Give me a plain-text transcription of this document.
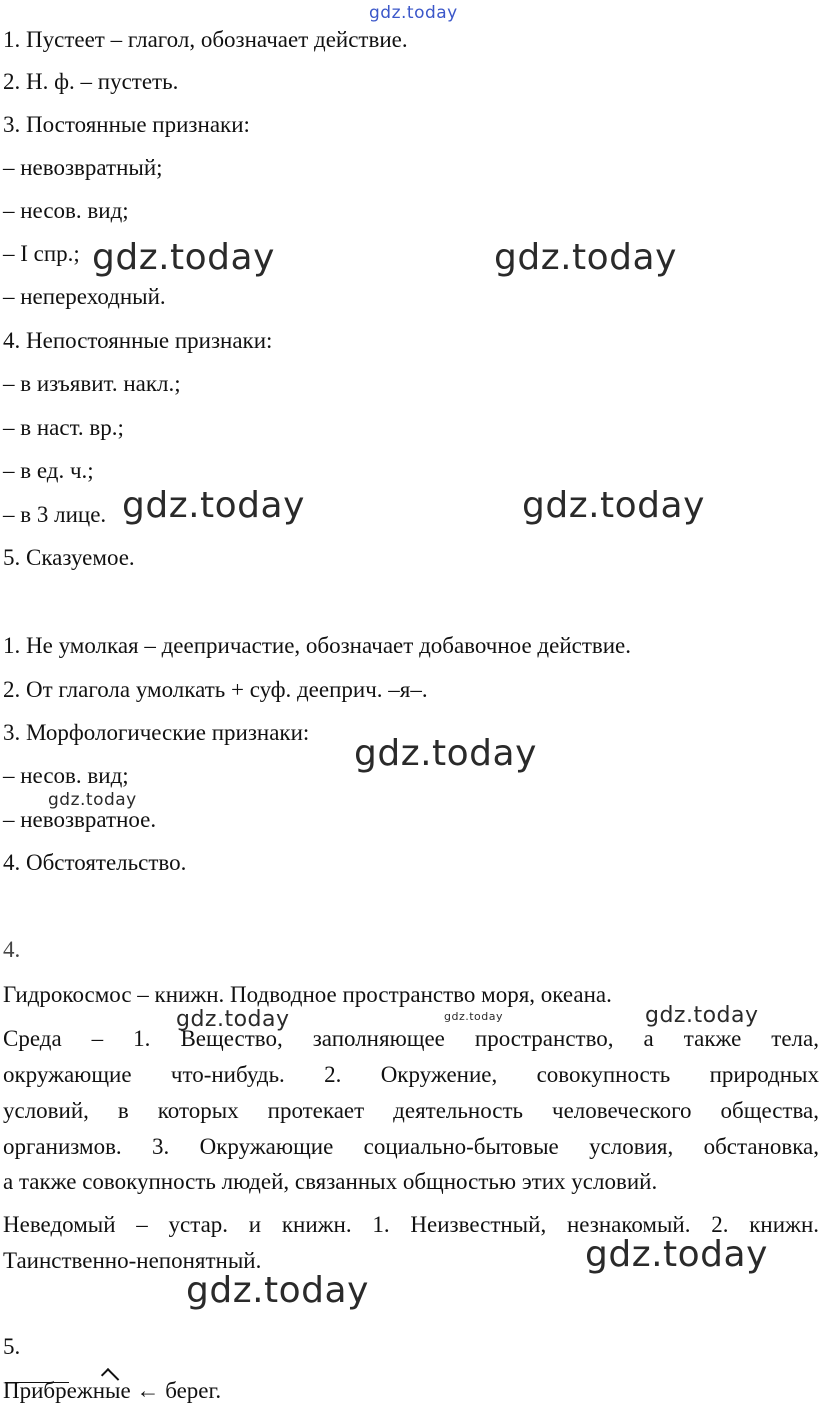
gdz.today
1. Пустеет – глагол, обозначает действие.
2. Н. ф. – пустеть.
3. Постоянные признаки:
– невозвратный;
– несов. вид;
– I спр.;
– непереходный.
4. Непостоянные признаки:
– в изъявит. накл.;
– в наст. вр.;
– в ед. ч.;
– в 3 лице.
5. Сказуемое.
1. Не умолкая – деепричастие, обозначает добавочное действие.
2. От глагола умолкать + суф. дееприч. –я–.
3. Морфологические признаки:
– несов. вид;
– невозвратное.
4. Обстоятельство.
4.
Гидрокосмос – книжн. Подводное пространство моря, океана.
Среда – 1. Вещество, заполняющее пространство, а также тела,
окружающие что-нибудь. 2. Окружение, совокупность природных
условий, в которых протекает деятельность человеческого общества,
организмов. 3. Окружающие социально-бытовые условия, обстановка,
а также совокупность людей, связанных общностью этих условий.
Неведомый – устар. и книжн. 1. Неизвестный, незнакомый. 2. книжн.
Таинственно-непонятный.
5.
Прибрежные ← берег.
gdz.today	gdz.today
gdz.today	gdz.today
gdz.today
gdz.today
gdz.today	gdz.today	gdz.today
gdz.today
gdz.today
